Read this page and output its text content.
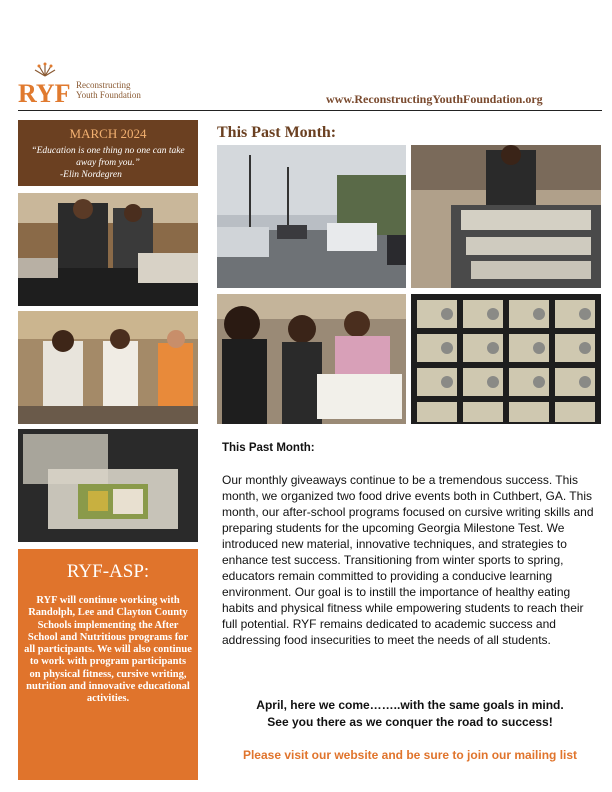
RYF Reconstructing
Youth Foundation	www.ReconstructingYouthFoundation.org
MARCH 2024
“Education is one thing no one can take away from you.”
-Elin Nordegren
RYF-ASP:
RYF will continue working with Randolph, Lee and Clayton County Schools implementing the After School and Nutritious programs for all participants. We will also continue to work with program participants on physical fitness, cursive writing, nutrition and innovative educational activities.
This Past Month:
This Past Month:
Our monthly giveaways continue to be a tremendous success. This month, we organized two food drive events both in Cuthbert, GA. This month, our after-school programs focused on cursive writing skills and preparing students for the upcoming Georgia Milestone Test. We introduced new material, innovative techniques, and strategies to enhance test success. Transitioning from winter sports to spring, educators remain committed to providing a conducive learning environment. Our goal is to instill the importance of healthy eating habits and physical fitness while empowering students to reach their full potential. RYF remains dedicated to academic success and addressing food insecurities to meet the needs of all students.
April, here we come……..with the same goals in mind.
See you there as we conquer the road to success!
Please visit our website and be sure to join our mailing list
